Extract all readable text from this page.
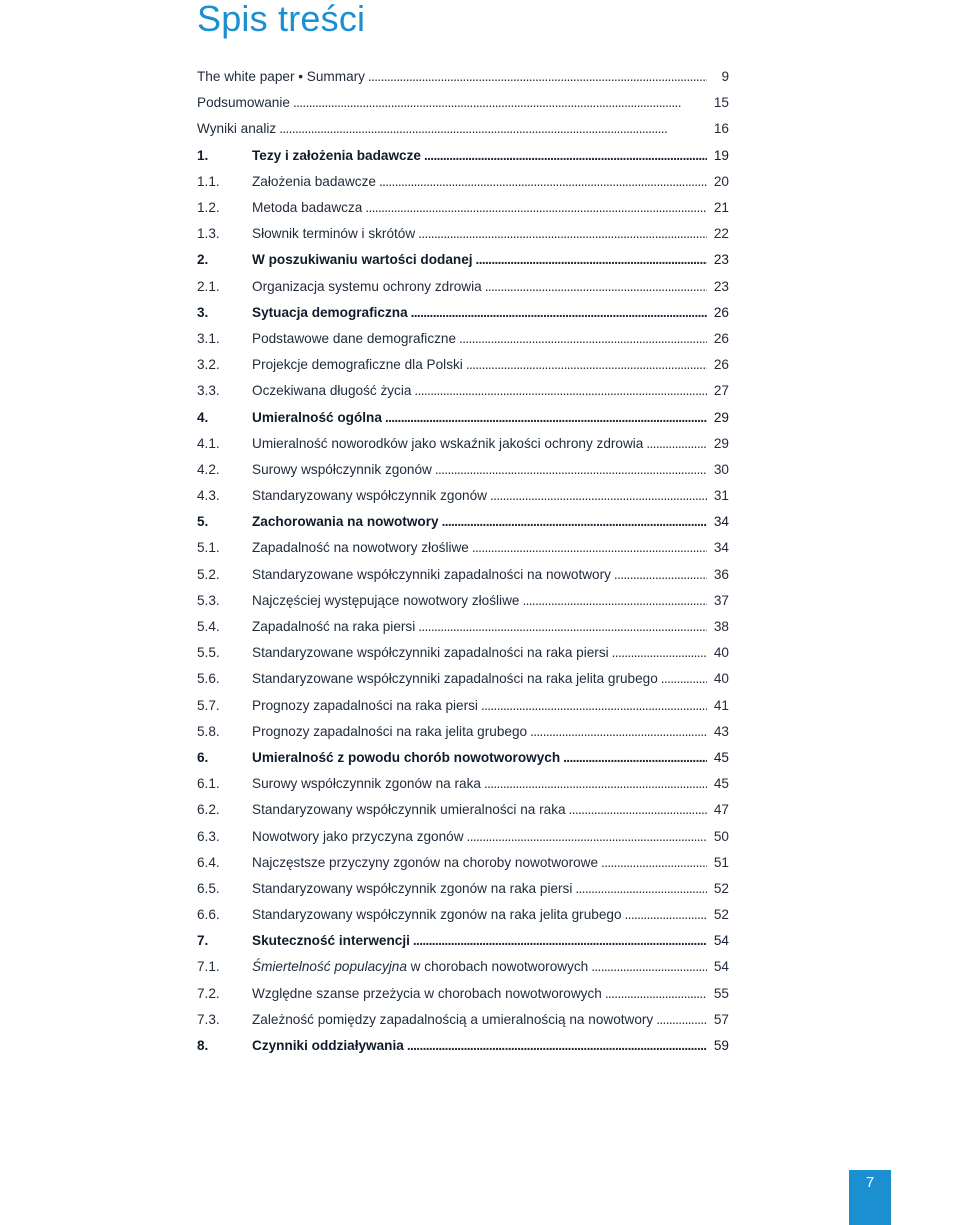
Spis treści
The white paper • Summary . . .	9
Podsumowanie . . .	15
Wyniki analiz . . .	16
1.	Tezy i założenia badawcze . . .	19
1.1.	Założenia badawcze . . .	20
1.2.	Metoda badawcza . . .	21
1.3.	Słownik terminów i skrótów . . .	22
2.	W poszukiwaniu wartości dodanej . . .	23
2.1.	Organizacja systemu ochrony zdrowia . . .	23
3.	Sytuacja demograficzna . . .	26
3.1.	Podstawowe dane demograficzne . . .	26
3.2.	Projekcje demograficzne dla Polski . . .	26
3.3.	Oczekiwana długość życia . . .	27
4.	Umieralność ogólna . . .	29
4.1.	Umieralność noworodków jako wskaźnik jakości ochrony zdrowia . . .	29
4.2.	Surowy współczynnik zgonów . . .	30
4.3.	Standaryzowany współczynnik zgonów . . .	31
5.	Zachorowania na nowotwory . . .	34
5.1.	Zapadalność na nowotwory złośliwe . . .	34
5.2.	Standaryzowane współczynniki zapadalności na nowotwory . . .	36
5.3.	Najczęściej występujące nowotwory złośliwe . . .	37
5.4.	Zapadalność na raka piersi . . .	38
5.5.	Standaryzowane współczynniki zapadalności na raka piersi . . .	40
5.6.	Standaryzowane współczynniki zapadalności na raka jelita grubego . . .	40
5.7.	Prognozy zapadalności na raka piersi . . .	41
5.8.	Prognozy zapadalności na raka jelita grubego . . .	43
6.	Umieralność z powodu chorób nowotworowych . . .	45
6.1.	Surowy współczynnik zgonów na raka . . .	45
6.2.	Standaryzowany współczynnik umieralności na raka . . .	47
6.3.	Nowotwory jako przyczyna zgonów . . .	50
6.4.	Najczęstsze przyczyny zgonów na choroby nowotworowe . . .	51
6.5.	Standaryzowany współczynnik zgonów na raka piersi . . .	52
6.6.	Standaryzowany współczynnik zgonów na raka jelita grubego . . .	52
7.	Skuteczność interwencji . . .	54
7.1.	Śmiertelność populacyjna w chorobach nowotworowych . . .	54
7.2.	Względne szanse przeżycia w chorobach nowotworowych . . .	55
7.3.	Zależność pomiędzy zapadalnością a umieralnością na nowotwory . . .	57
8.	Czynniki oddziaływania . . .	59
7
